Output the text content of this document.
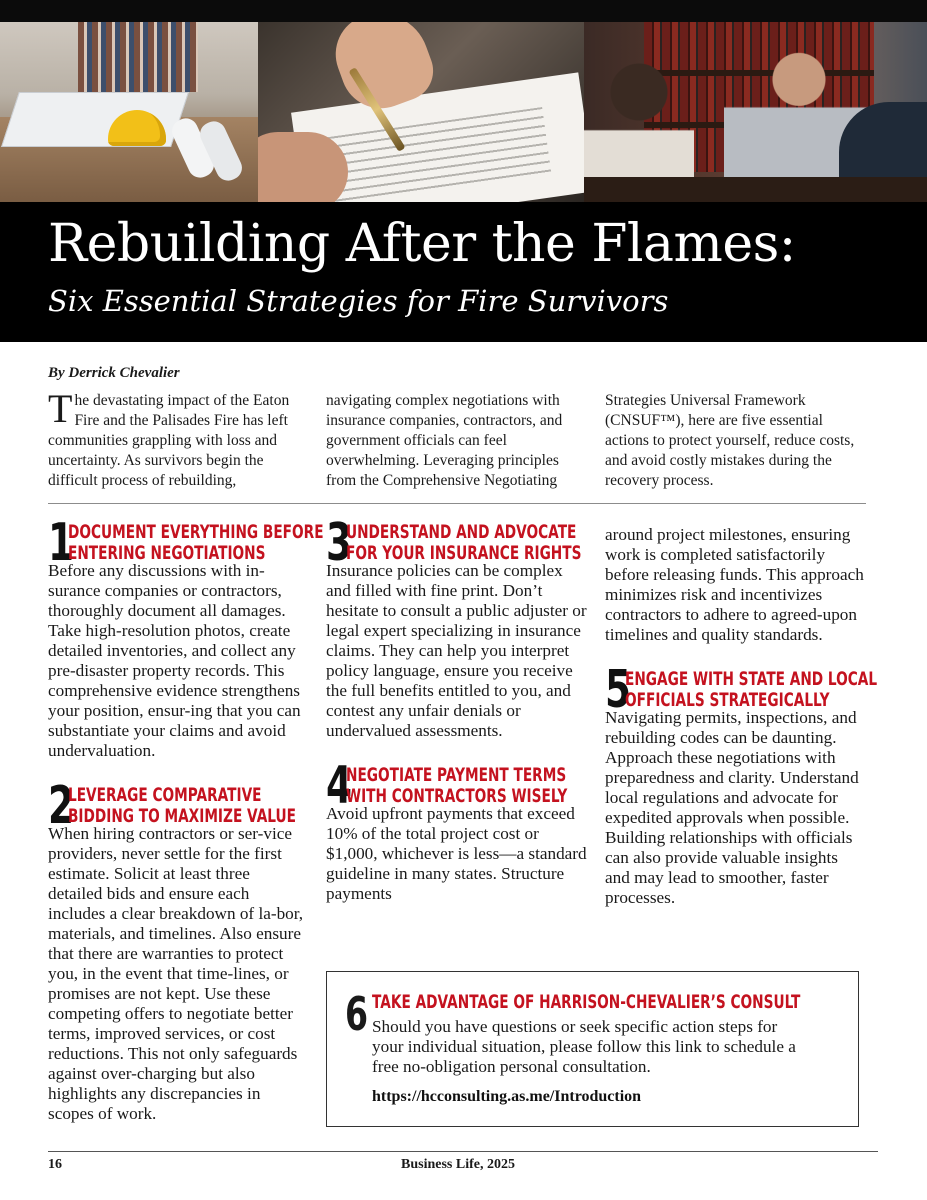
Rebuilding After the Flames:
Six Essential Strategies for Fire Survivors
By Derrick Chevalier
The devastating impact of the Eaton Fire and the Palisades Fire has left communities grappling with loss and uncertainty. As survivors begin the difficult process of rebuilding,
navigating complex negotiations with insurance companies, contractors, and government officials can feel overwhelming. Leveraging principles from the Comprehensive Negotiating
Strategies Universal Framework (CNSUF™), here are five essential actions to protect yourself, reduce costs, and avoid costly mistakes during the recovery process.
1
DOCUMENT EVERYTHING BEFORE
ENTERING NEGOTIATIONS
Before any discussions with in-surance companies or contractors, thoroughly document all damages. Take high-resolution photos, create detailed inventories, and collect any pre-disaster property records. This comprehensive evidence strengthens your position, ensur-ing that you can substantiate your claims and avoid undervaluation.
2
LEVERAGE COMPARATIVE
BIDDING TO MAXIMIZE VALUE
When hiring contractors or ser-vice providers, never settle for the first estimate. Solicit at least three detailed bids and ensure each includes a clear breakdown of la-bor, materials, and timelines. Also ensure that there are warranties to protect you, in the event that time-lines, or promises are not kept. Use these competing offers to negotiate better terms, improved services, or cost reductions. This not only safeguards against over-charging but also highlights any discrepancies in scopes of work.
3
UNDERSTAND AND ADVOCATE
FOR YOUR INSURANCE RIGHTS
Insurance policies can be complex and filled with fine print. Don’t hesitate to consult a public adjuster or legal expert specializing in insurance claims. They can help you interpret policy language, ensure you receive the full benefits entitled to you, and contest any unfair denials or undervalued assessments.
4
NEGOTIATE PAYMENT TERMS
WITH CONTRACTORS WISELY
Avoid upfront payments that exceed 10% of the total project cost or $1,000, whichever is less—a standard guideline in many states. Structure payments
around project milestones, ensuring work is completed satisfactorily before releasing funds. This approach minimizes risk and incentivizes contractors to adhere to agreed-upon timelines and quality standards.
5
ENGAGE WITH STATE AND LOCAL
OFFICIALS STRATEGICALLY
Navigating permits, inspections, and rebuilding codes can be daunting. Approach these negotiations with preparedness and clarity. Understand local regulations and advocate for expedited approvals when possible. Building relationships with officials can also provide valuable insights and may lead to smoother, faster processes.
6 TAKE ADVANTAGE OF HARRISON-CHEVALIER’S CONSULT
Should you have questions or seek specific action steps for your individual situation, please follow this link to schedule a free no-obligation personal consultation.
https://hcconsulting.as.me/Introduction
16	Business Life, 2025
